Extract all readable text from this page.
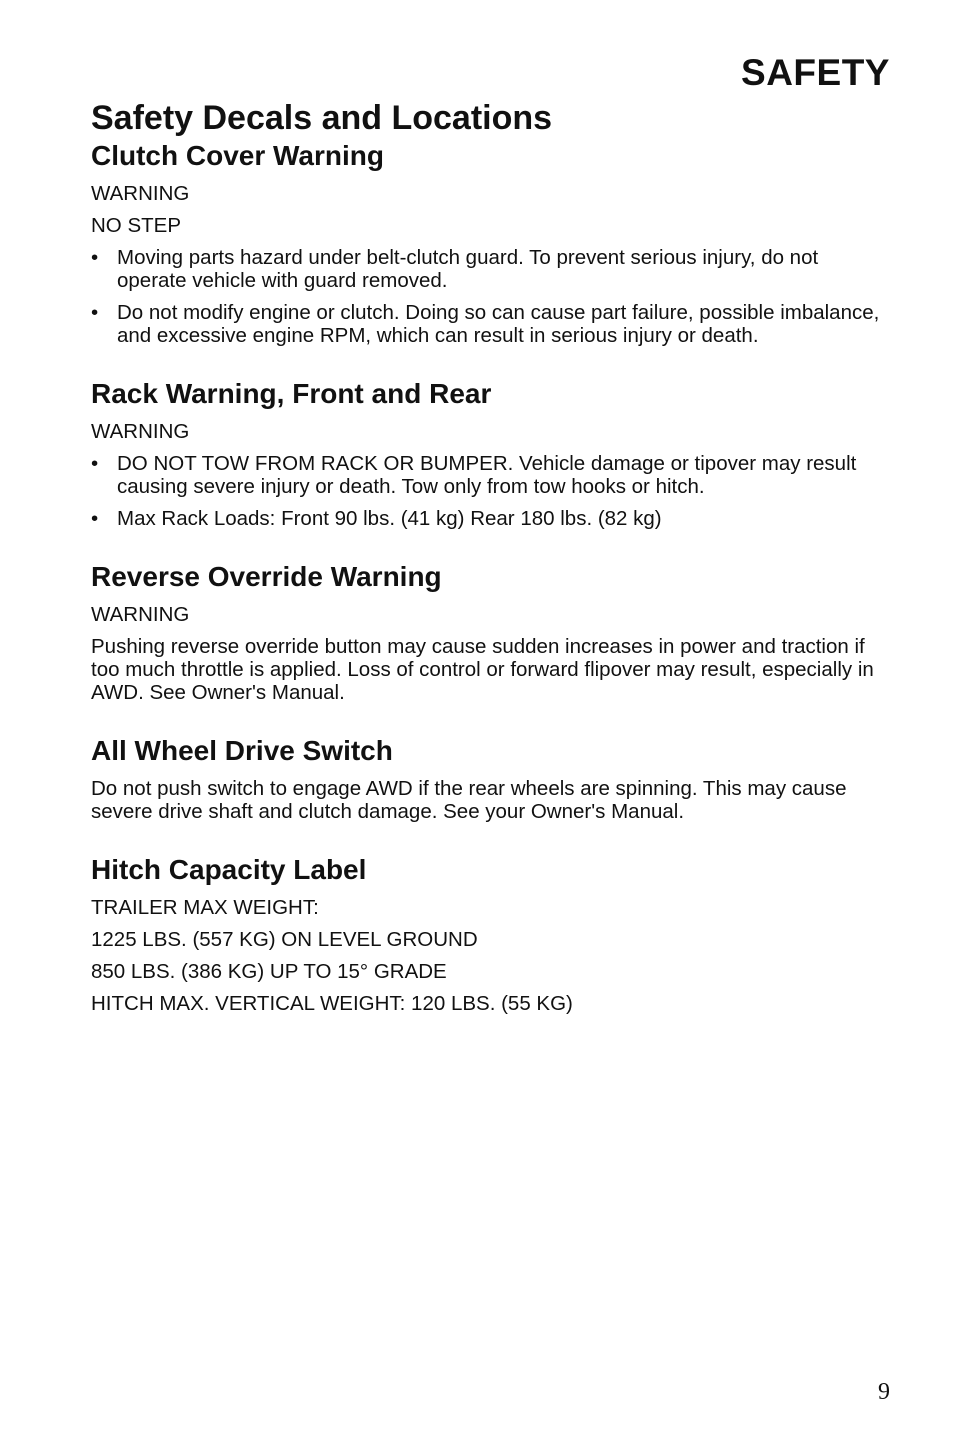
SAFETY
Safety Decals and Locations
Clutch Cover Warning

WARNING

NO STEP

• Moving parts hazard under belt-clutch guard. To prevent serious injury, do not operate vehicle with guard removed.
• Do not modify engine or clutch. Doing so can cause part failure, possible imbalance, and excessive engine RPM, which can result in serious injury or death.
Rack Warning, Front and Rear

WARNING

• DO NOT TOW FROM RACK OR BUMPER. Vehicle damage or tipover may result causing severe injury or death. Tow only from tow hooks or hitch.
• Max Rack Loads: Front 90 lbs. (41 kg) Rear 180 lbs. (82 kg)
Reverse Override Warning

WARNING

Pushing reverse override button may cause sudden increases in power and traction if too much throttle is applied. Loss of control or forward flipover may result, especially in AWD. See Owner's Manual.

All Wheel Drive Switch

Do not push switch to engage AWD if the rear wheels are spinning. This may cause severe drive shaft and clutch damage. See your Owner's Manual.

Hitch Capacity Label

TRAILER MAX WEIGHT:

1225 LBS. (557 KG) ON LEVEL GROUND

850 LBS. (386 KG) UP TO 15° GRADE

HITCH MAX. VERTICAL WEIGHT: 120 LBS. (55 KG)

9
